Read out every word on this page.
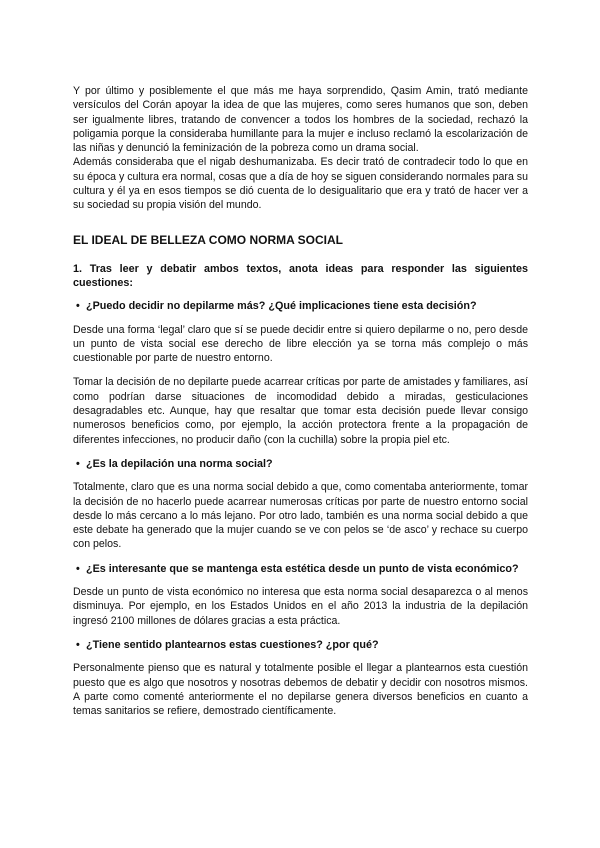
Y por último y posiblemente el que más me haya sorprendido, Qasim Amin, trató mediante versículos del Corán apoyar la idea de que las mujeres, como seres humanos que son, deben ser igualmente libres, tratando de convencer a todos los hombres de la sociedad, rechazó la poligamia porque la consideraba humillante para la mujer e incluso reclamó la escolarización de las niñas y denunció la feminización de la pobreza como un drama social.

Además consideraba que el nigab deshumanizaba. Es decir trató de contradecir todo lo que en su época y cultura era normal, cosas que a día de hoy se siguen considerando normales para su cultura y él ya en esos tiempos se dió cuenta de lo desigualitario que era y trató de hacer ver a su sociedad su propia visión del mundo.

EL IDEAL DE BELLEZA COMO NORMA SOCIAL
1. Tras leer y debatir ambos textos, anota ideas para responder las siguientes cuestiones:
• ¿Puedo decidir no depilarme más? ¿Qué implicaciones tiene esta decisión?

Desde una forma ‘legal’ claro que sí se puede decidir entre si quiero depilarme o no, pero desde un punto de vista social ese derecho de libre elección ya se torna más complejo o más cuestionable por parte de nuestro entorno.

Tomar la decisión de no depilarte puede acarrear críticas por parte de amistades y familiares, así como podrían darse situaciones de incomodidad debido a miradas, gesticulaciones desagradables etc. Aunque, hay que resaltar que tomar esta decisión puede llevar consigo numerosos beneficios como, por ejemplo, la acción protectora frente a la propagación de diferentes infecciones, no producir daño (con la cuchilla) sobre la propia piel etc.

• ¿Es la depilación una norma social?

Totalmente, claro que es una norma social debido a que, como comentaba anteriormente, tomar la decisión de no hacerlo puede acarrear numerosas críticas por parte de nuestro entorno social desde lo más cercano a lo más lejano. Por otro lado, también es una norma social debido a que este debate ha generado que la mujer cuando se ve con pelos se ‘de asco’ y rechace su cuerpo con pelos.

• ¿Es interesante que se mantenga esta estética desde un punto de vista económico?

Desde un punto de vista económico no interesa que esta norma social desaparezca o al menos disminuya. Por ejemplo, en los Estados Unidos en el año 2013 la industria de la depilación ingresó 2100 millones de dólares gracias a esta práctica.

• ¿Tiene sentido plantearnos estas cuestiones? ¿por qué?

Personalmente pienso que es natural y totalmente posible el llegar a plantearnos esta cuestión puesto que es algo que nosotros y nosotras debemos de debatir y decidir con nosotros mismos. A parte como comenté anteriormente el no depilarse genera diversos beneficios en cuanto a temas sanitarios se refiere, demostrado científicamente.
